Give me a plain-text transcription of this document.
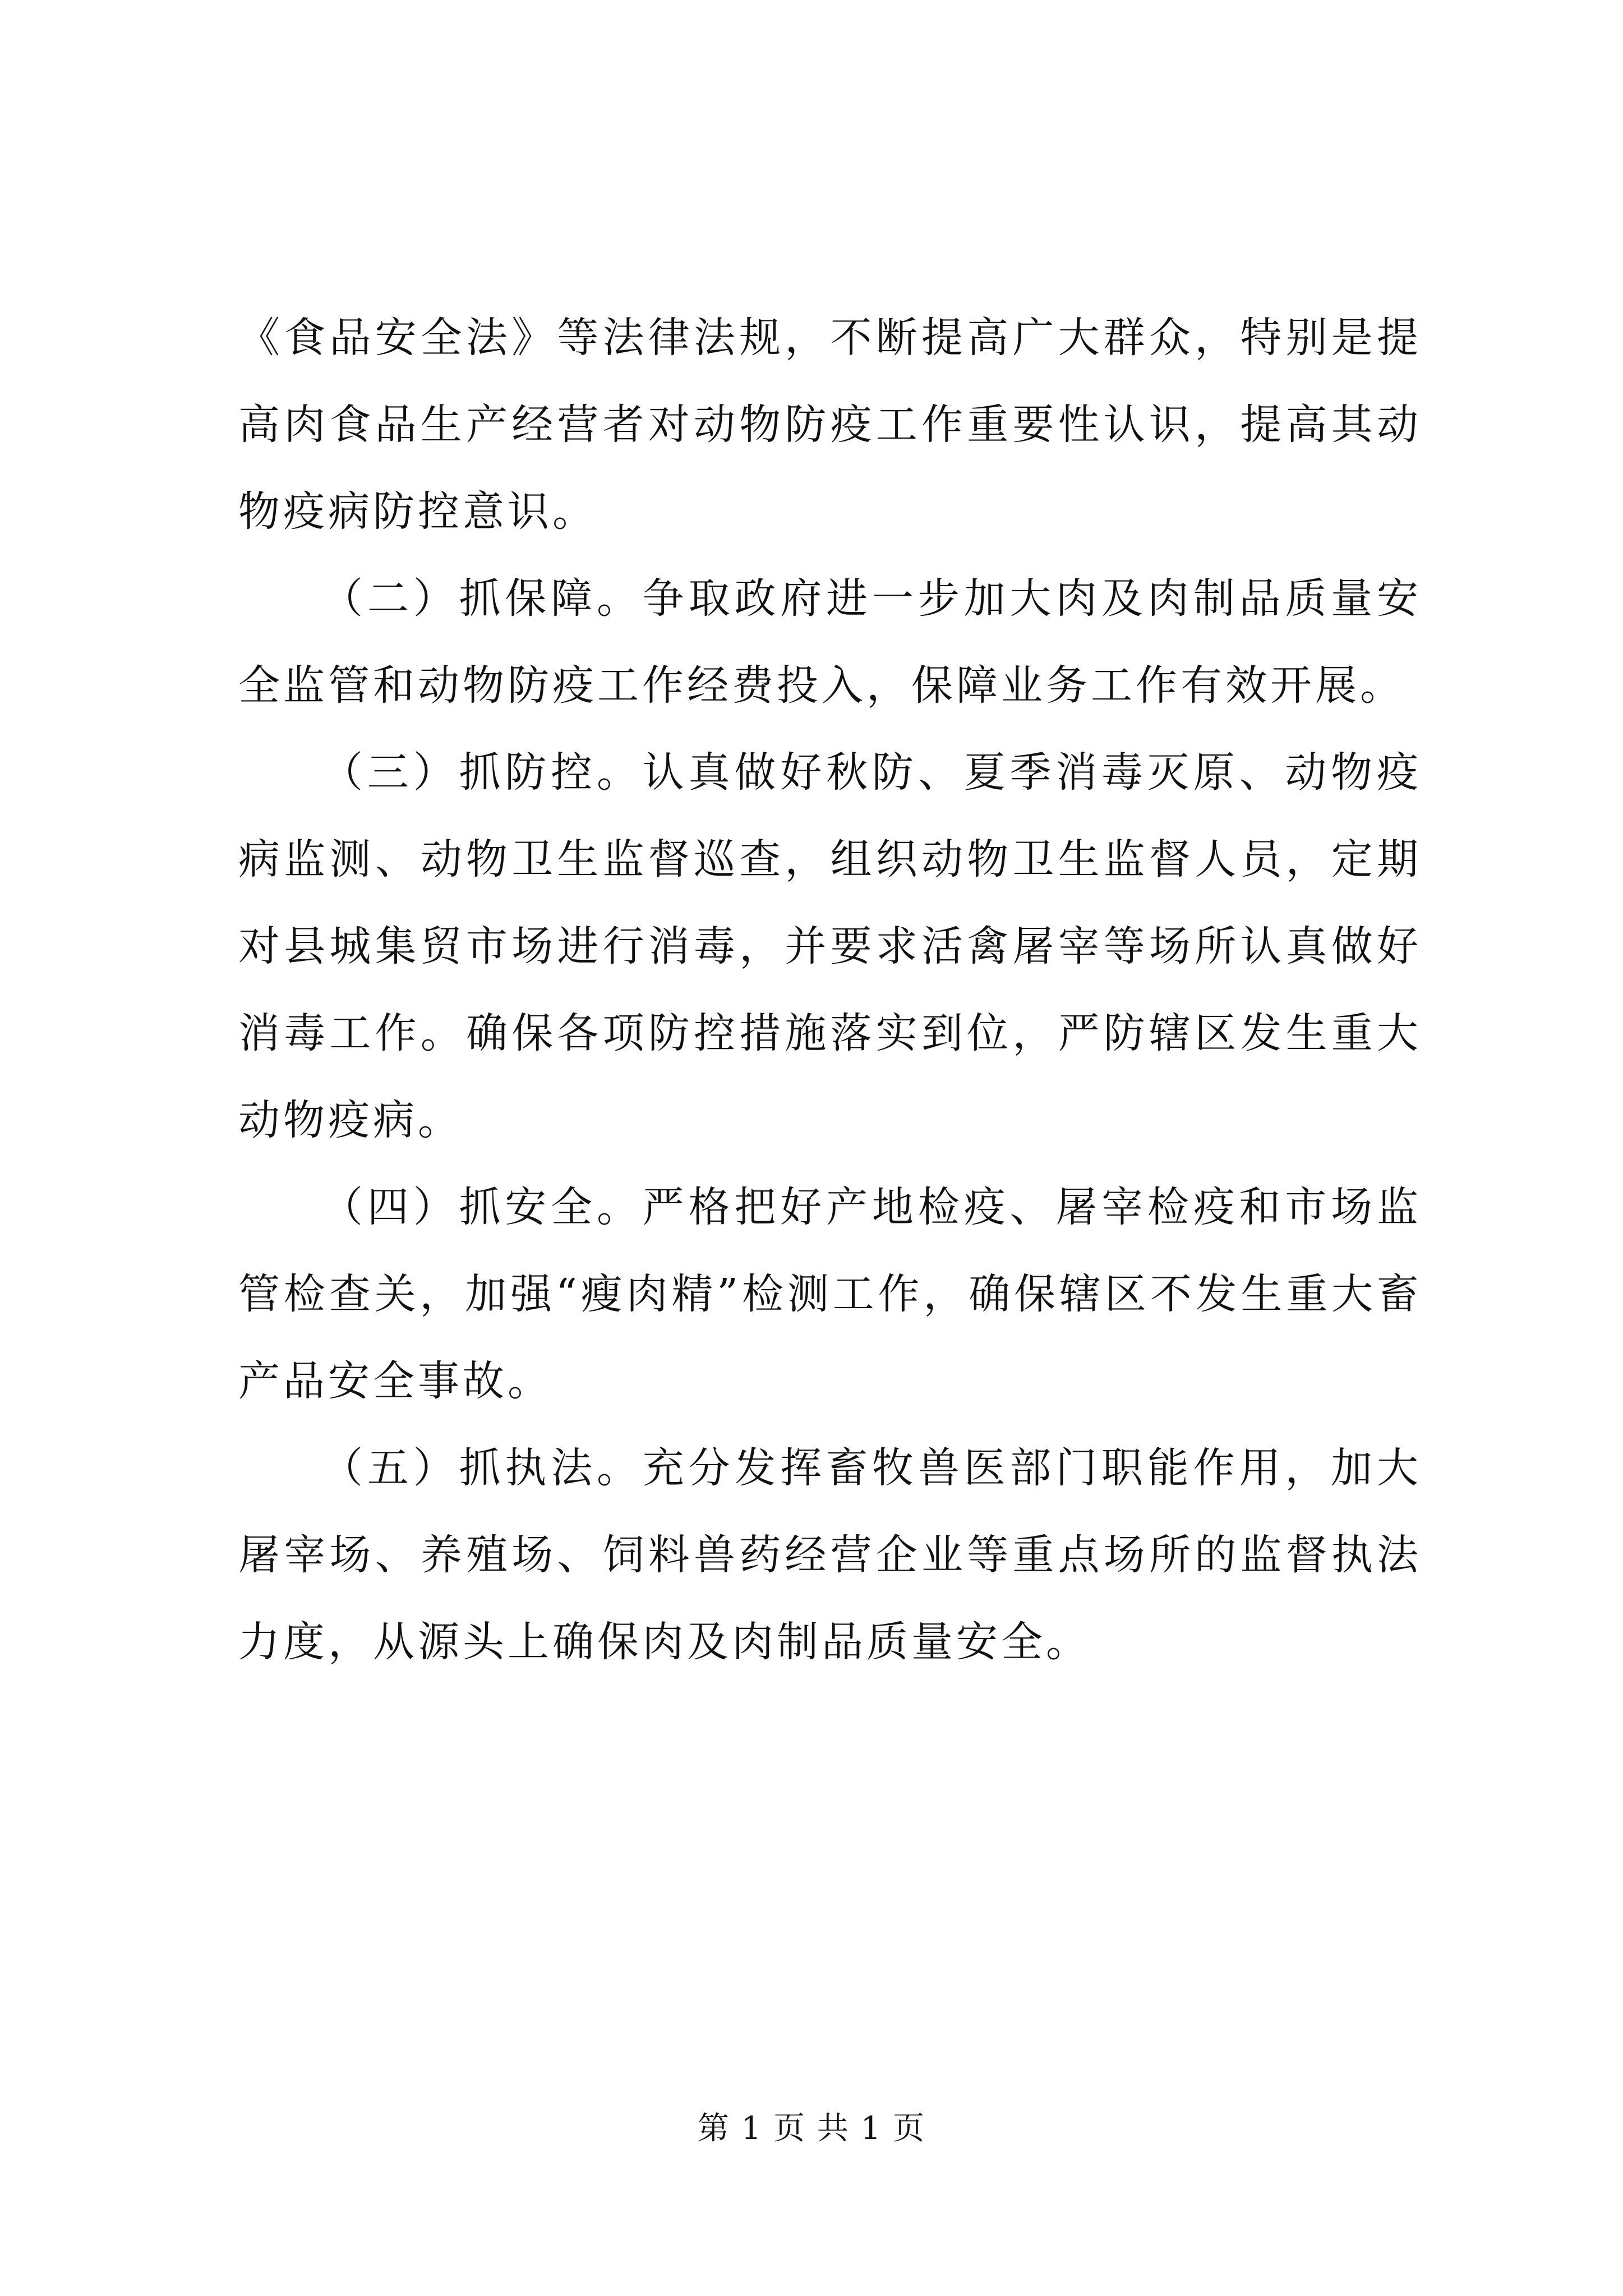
《食品安全法》等法律法规，不断提高广大群众，特别是提高肉食品生产经营者对动物防疫工作重要性认识，提高其动物疫病防控意识。

（二）抓保障。争取政府进一步加大肉及肉制品质量安全监管和动物防疫工作经费投入，保障业务工作有效开展。

（三）抓防控。认真做好秋防、夏季消毒灭原、动物疫病监测、动物卫生监督巡查，组织动物卫生监督人员，定期对县城集贸市场进行消毒，并要求活禽屠宰等场所认真做好消毒工作。确保各项防控措施落实到位，严防辖区发生重大动物疫病。

（四）抓安全。严格把好产地检疫、屠宰检疫和市场监管检查关，加强“瘦肉精”检测工作，确保辖区不发生重大畜产品安全事故。

（五）抓执法。充分发挥畜牧兽医部门职能作用，加大屠宰场、养殖场、饲料兽药经营企业等重点场所的监督执法力度，从源头上确保肉及肉制品质量安全。

第 1 页 共 1 页
